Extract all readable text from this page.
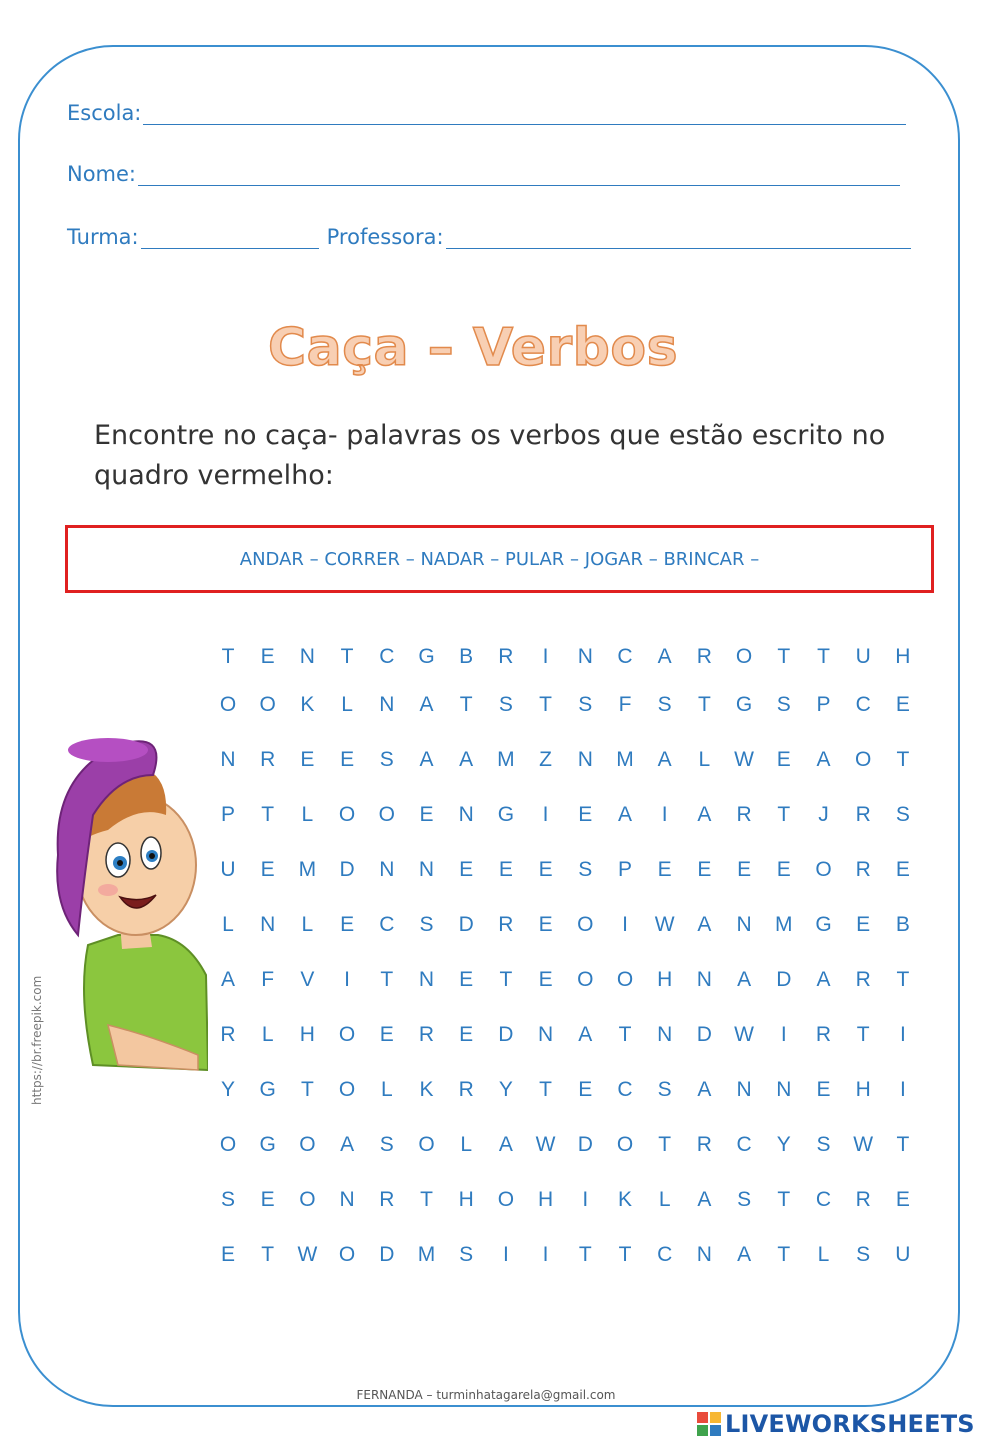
Escola:
Nome:
Turma:	Professora:
Caça – Verbos
Encontre no caça- palavras os verbos que estão escrito no quadro vermelho:
ANDAR – CORRER – NADAR – PULAR – JOGAR – BRINCAR –
T	E	N	T	C	G	B	R	I	N	C	A	R	O	T	T	U	H
O	O	K	L	N	A	T	S	T	S	F	S	T	G	S	P	C	E
N	R	E	E	S	A	A	M	Z	N	M	A	L	W	E	A	O	T
P	T	L	O	O	E	N	G	I	E	A	I	A	R	T	J	R	S
U	E	M	D	N	N	E	E	E	S	P	E	E	E	E	O	R	E
L	N	L	E	C	S	D	R	E	O	I	W	A	N	M	G	E	B
A	F	V	I	T	N	E	T	E	O	O	H	N	A	D	A	R	T
R	L	H	O	E	R	E	D	N	A	T	N	D	W	I	R	T	I
Y	G	T	O	L	K	R	Y	T	E	C	S	A	N	N	E	H	I
O	G	O	A	S	O	L	A	W	D	O	T	R	C	Y	S	W	T
S	E	O	N	R	T	H	O	H	I	K	L	A	S	T	C	R	E
E	T	W	O	D	M	S	I	I	T	T	C	N	A	T	L	S	U
https://br.freepik.com
FERNANDA – turminhatagarela@gmail.com
LIVEWORKSHEETS
